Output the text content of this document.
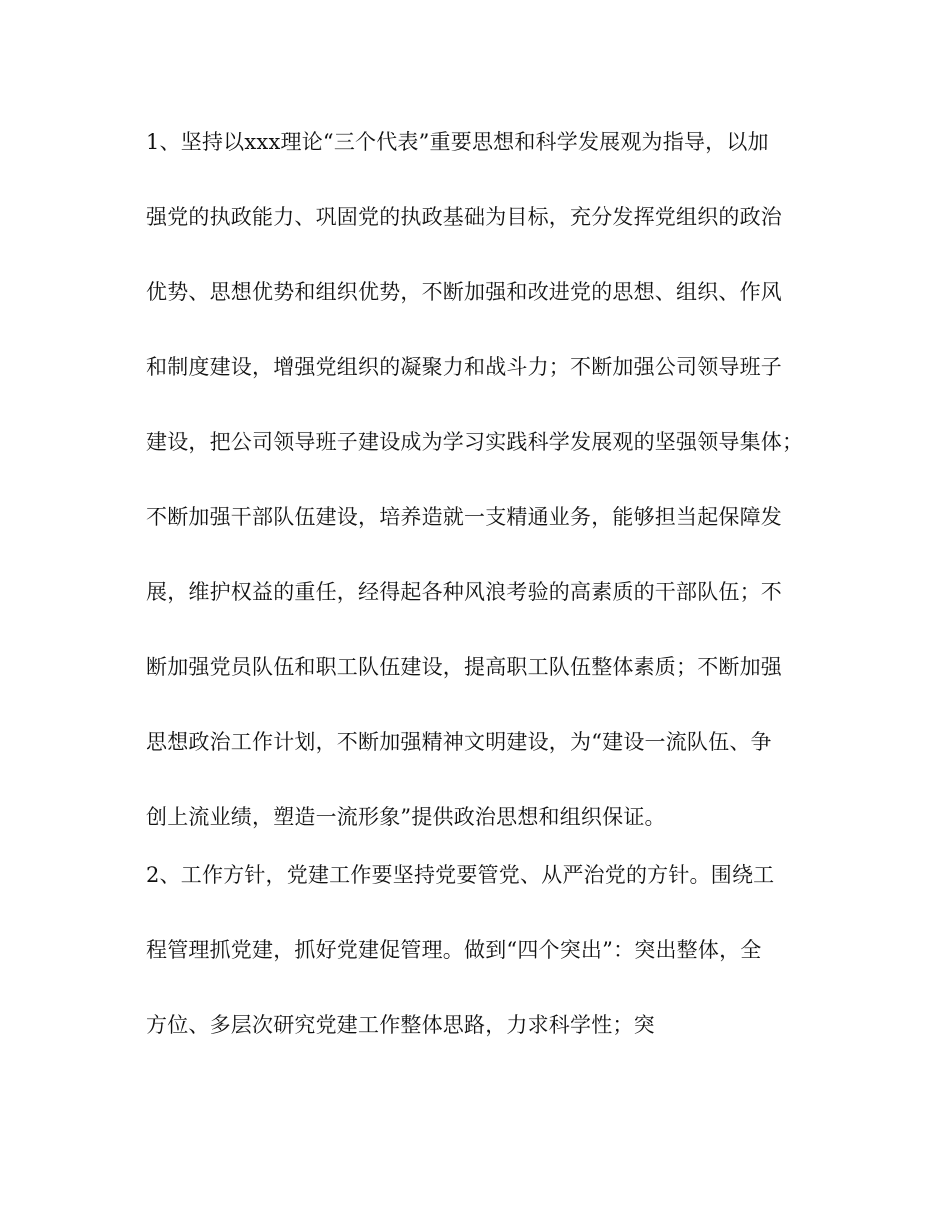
1、坚持以xxx理论“三个代表”重要思想和科学发展观为指导，以加
强党的执政能力、巩固党的执政基础为目标，充分发挥党组织的政治
优势、思想优势和组织优势，不断加强和改进党的思想、组织、作风
和制度建设，增强党组织的凝聚力和战斗力；不断加强公司领导班子
建设，把公司领导班子建设成为学习实践科学发展观的坚强领导集体；
不断加强干部队伍建设，培养造就一支精通业务，能够担当起保障发
展，维护权益的重任，经得起各种风浪考验的高素质的干部队伍；不
断加强党员队伍和职工队伍建设，提高职工队伍整体素质；不断加强
思想政治工作计划，不断加强精神文明建设，为“建设一流队伍、争
创上流业绩，塑造一流形象”提供政治思想和组织保证。
2、工作方针，党建工作要坚持党要管党、从严治党的方针。围绕工
程管理抓党建，抓好党建促管理。做到“四个突出”：突出整体，全
方位、多层次研究党建工作整体思路，力求科学性；突
